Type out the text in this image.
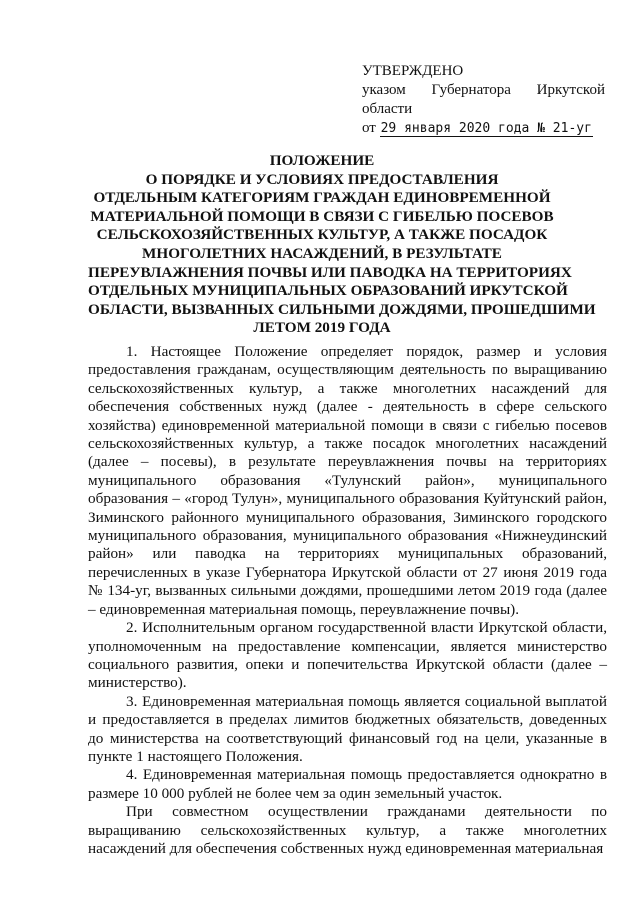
УТВЕРЖДЕНО
указом Губернатора Иркутской
области
от 29 января 2020 года № 21-уг
ПОЛОЖЕНИЕ
О ПОРЯДКЕ И УСЛОВИЯХ ПРЕДОСТАВЛЕНИЯ
ОТДЕЛЬНЫМ КАТЕГОРИЯМ ГРАЖДАН ЕДИНОВРЕМЕННОЙ
МАТЕРИАЛЬНОЙ ПОМОЩИ В СВЯЗИ С ГИБЕЛЬЮ ПОСЕВОВ
СЕЛЬСКОХОЗЯЙСТВЕННЫХ КУЛЬТУР, А ТАКЖЕ ПОСАДОК
МНОГОЛЕТНИХ НАСАЖДЕНИЙ, В РЕЗУЛЬТАТЕ
ПЕРЕУВЛАЖНЕНИЯ ПОЧВЫ ИЛИ ПАВОДКА НА ТЕРРИТОРИЯХ
ОТДЕЛЬНЫХ МУНИЦИПАЛЬНЫХ ОБРАЗОВАНИЙ ИРКУТСКОЙ
ОБЛАСТИ, ВЫЗВАННЫХ СИЛЬНЫМИ ДОЖДЯМИ, ПРОШЕДШИМИ
ЛЕТОМ 2019 ГОДА

1. Настоящее Положение определяет порядок, размер и условия предоставления гражданам, осуществляющим деятельность по выращиванию сельскохозяйственных культур, а также многолетних насаждений для обеспечения собственных нужд (далее - деятельность в сфере сельского хозяйства) единовременной материальной помощи в связи с гибелью посевов сельскохозяйственных культур, а также посадок многолетних насаждений (далее – посевы), в результате переувлажнения почвы на территориях муниципального образования «Тулунский район», муниципального образования – «город Тулун», муниципального образования Куйтунский район, Зиминского районного муниципального образования, Зиминского городского муниципального образования, муниципального образования «Нижнеудинский район» или паводка на территориях муниципальных образований, перечисленных в указе Губернатора Иркутской области от 27 июня 2019 года № 134-уг, вызванных сильными дождями, прошедшими летом 2019 года (далее – единовременная материальная помощь, переувлажнение почвы).

2. Исполнительным органом государственной власти Иркутской области, уполномоченным на предоставление компенсации, является министерство социального развития, опеки и попечительства Иркутской области (далее – министерство).

3. Единовременная материальная помощь является социальной выплатой и предоставляется в пределах лимитов бюджетных обязательств, доведенных до министерства на соответствующий финансовый год на цели, указанные в пункте 1 настоящего Положения.

4. Единовременная материальная помощь предоставляется однократно в размере 10 000 рублей не более чем за один земельный участок.

При совместном осуществлении гражданами деятельности по выращиванию сельскохозяйственных культур, а также многолетних насаждений для обеспечения собственных нужд единовременная материальная
